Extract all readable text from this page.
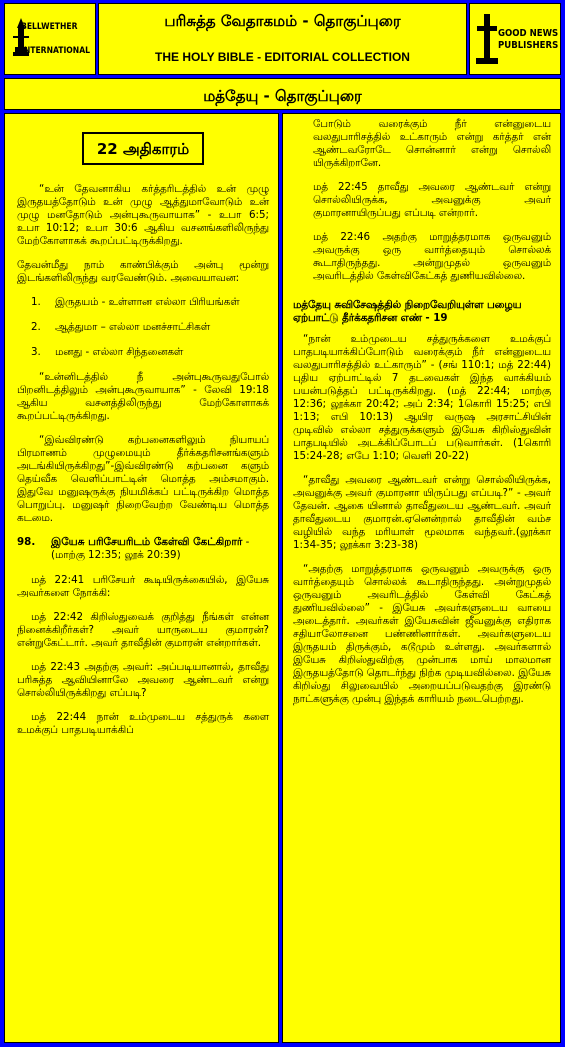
BELLWETHER
INTERNATIONAL
பரிசுத்த வேதாகமம் - தொகுப்புரை
THE HOLY BIBLE - EDITORIAL COLLECTION
GOOD NEWS
PUBLISHERS
மத்தேயு - தொகுப்புரை
22 அதிகாரம்

“உன் தேவனாகிய கர்த்தரிடத்தில் உன் முழு இருதயத்தோடும் உன் முழு ஆத்துமாவோடும் உன் முழு மனதோடும் அன்புகூருவாயாக” - உபா 6:5; உபா 10:12; உபா 30:6 ஆகிய வசனங்களிலிருந்து மேற்கோளாகக் கூறப்பட்டிருக்கிறது.

தேவன்மீது நாம் காண்பிக்கும் அன்பு மூன்று இடங்களிலிருந்து வரவேண்டும். அவையாவன:

1.	இருதயம் - உள்ளான எல்லா பிரியங்கள்
2.	ஆத்துமா – எல்லா மனச்சாட்சிகள்
3.	மனது - எல்லா சிந்தனைகள்

“உன்னிடத்தில் நீ அன்புகூருவதுபோல் பிறனிடத்திலும் அன்புகூருவாயாக” - லேவி 19:18 ஆகிய வசனத்திலிருந்து மேற்கோளாகக் கூறப்பட்டிருக்கிறது.

“இவ்விரண்டு கற்பனைகளிலும் நியாயப் பிரமாணம் முழுமையும் தீர்க்கதரிசனங்களும் அடங்கியிருக்கிறது”-இவ்விரண்டு கற்பனை களும் தெய்வீக வெளிப்பாட்டின் மொத்த அம்சமாகும். இதுவே மனுஷருக்கு நியமிக்கப் பட்டிருக்கிற மொத்த பொறுப்பு. மனுஷர் நிறைவேற்ற வேண்டிய மொத்த கடமை.

98.	இயேசு பரிசேயரிடம் கேள்வி கேட்கிறார் - (மாற்கு 12:35; லூக் 20:39)

மத் 22:41 பரிசேயர் கூடியிருக்கையில், இயேசு அவர்களை நோக்கி:

மத் 22:42 கிறிஸ்துவைக் குறித்து நீங்கள் என்ன நினைக்கிறீர்கள்? அவர் யாருடைய குமாரன்? என்றுகேட்டார். அவர் தாவீதின் குமாரன் என்றார்கள்.

மத் 22:43 அதற்கு அவர்: அப்படியானால், தாவீது பரிசுத்த ஆவியினாலே அவரை ஆண்டவர் என்று சொல்லியிருக்கிறது எப்படி?

மத் 22:44 நான் உம்முடைய சத்துருக் களை உமக்குப் பாதபடியாக்கிப்

போடும் வரைக்கும் நீர் என்னுடைய வலதுபாரிசத்தில் உட்காரும் என்று கர்த்தர் என் ஆண்டவரோடே சொன்னார் என்று சொல்லி யிருக்கிறானே.

மத் 22:45 தாவீது அவரை ஆண்டவர் என்று சொல்லியிருக்க, அவனுக்கு அவர் குமாரனாயிருப்பது எப்படி என்றார்.

மத் 22:46 அதற்கு மாறுத்தரமாக ஒருவனும் அவருக்கு ஒரு வார்த்தையும் சொல்லக் கூடாதிருந்தது. அன்றுமுதல் ஒருவனும் அவரிடத்தில் கேள்விகேட்கத் துணியவில்லை.

மத்தேயு சுவிசேஷத்தில் நிறைவேறியுள்ள பழைய ஏற்பாட்டு தீர்க்கதரிசன எண் - 19

“நான் உம்முடைய சத்துருக்களை உமக்குப் பாதபடியாக்கிப்போடும் வரைக்கும் நீர் என்னுடைய வலதுபாரிசத்தில் உட்காரும்” - (சங் 110:1; மத் 22:44) புதிய ஏற்பாட்டில் 7 தடவைகள் இந்த வாக்கியம் பயன்படுத்தப் பட்டிருக்கிறது. (மத் 22:44; மாற்கு 12:36; லூக்கா 20:42; அப் 2:34; 1கொரி 15:25; எபி 1:13; எபி 10:13) ஆயிர வருஷ அரசாட்சியின் முடிவில் எல்லா சத்துருக்களும் இயேசு கிறிஸ்துவின் பாதபடியில் அடக்கிப்போடப் படுவார்கள். (1கொரி 15:24-28; எபே 1:10; வெளி 20-22)

“தாவீது அவரை ஆண்டவர் என்று சொல்லியிருக்க, அவனுக்கு அவர் குமாரனா யிருப்பது எப்படி?” - அவர் தேவன். ஆகை யினால் தாவீதுடைய ஆண்டவர். அவர் தாவீதுடைய குமாரன்.ஏனென்றால் தாவீதின் வம்ச வழியில் வந்த மரியாள் மூலமாக வந்தவர்.(லூக்கா 1:34-35; லூக்கா 3:23-38)

“அதற்கு மாறுத்தரமாக ஒருவனும் அவருக்கு ஒரு வார்த்தையும் சொல்லக் கூடாதிருந்தது. அன்றுமுதல் ஒருவனும் அவரிடத்தில் கேள்வி கேட்கத் துணியவில்லை” - இயேசு அவர்களுடைய வாயை அடைத்தார். அவர்கள் இயேசுவின் ஜீவனுக்கு எதிராக சதியாலோசனை பண்ணினார்கள். அவர்களுடைய இருதயம் திருக்கும், கடூமும் உள்ளது. அவர்களால் இயேசு கிறிஸ்துவிற்கு முன்பாக மாய் மாலமான இருதயத்தோடு தொடர்ந்து நிற்க முடியவில்லை. இயேசு கிறிஸ்து சிலுவையில் அறையப்படுவதற்கு இரண்டு நாட்களுக்கு முன்பு இந்தக் காரியம் நடைபெற்றது.
